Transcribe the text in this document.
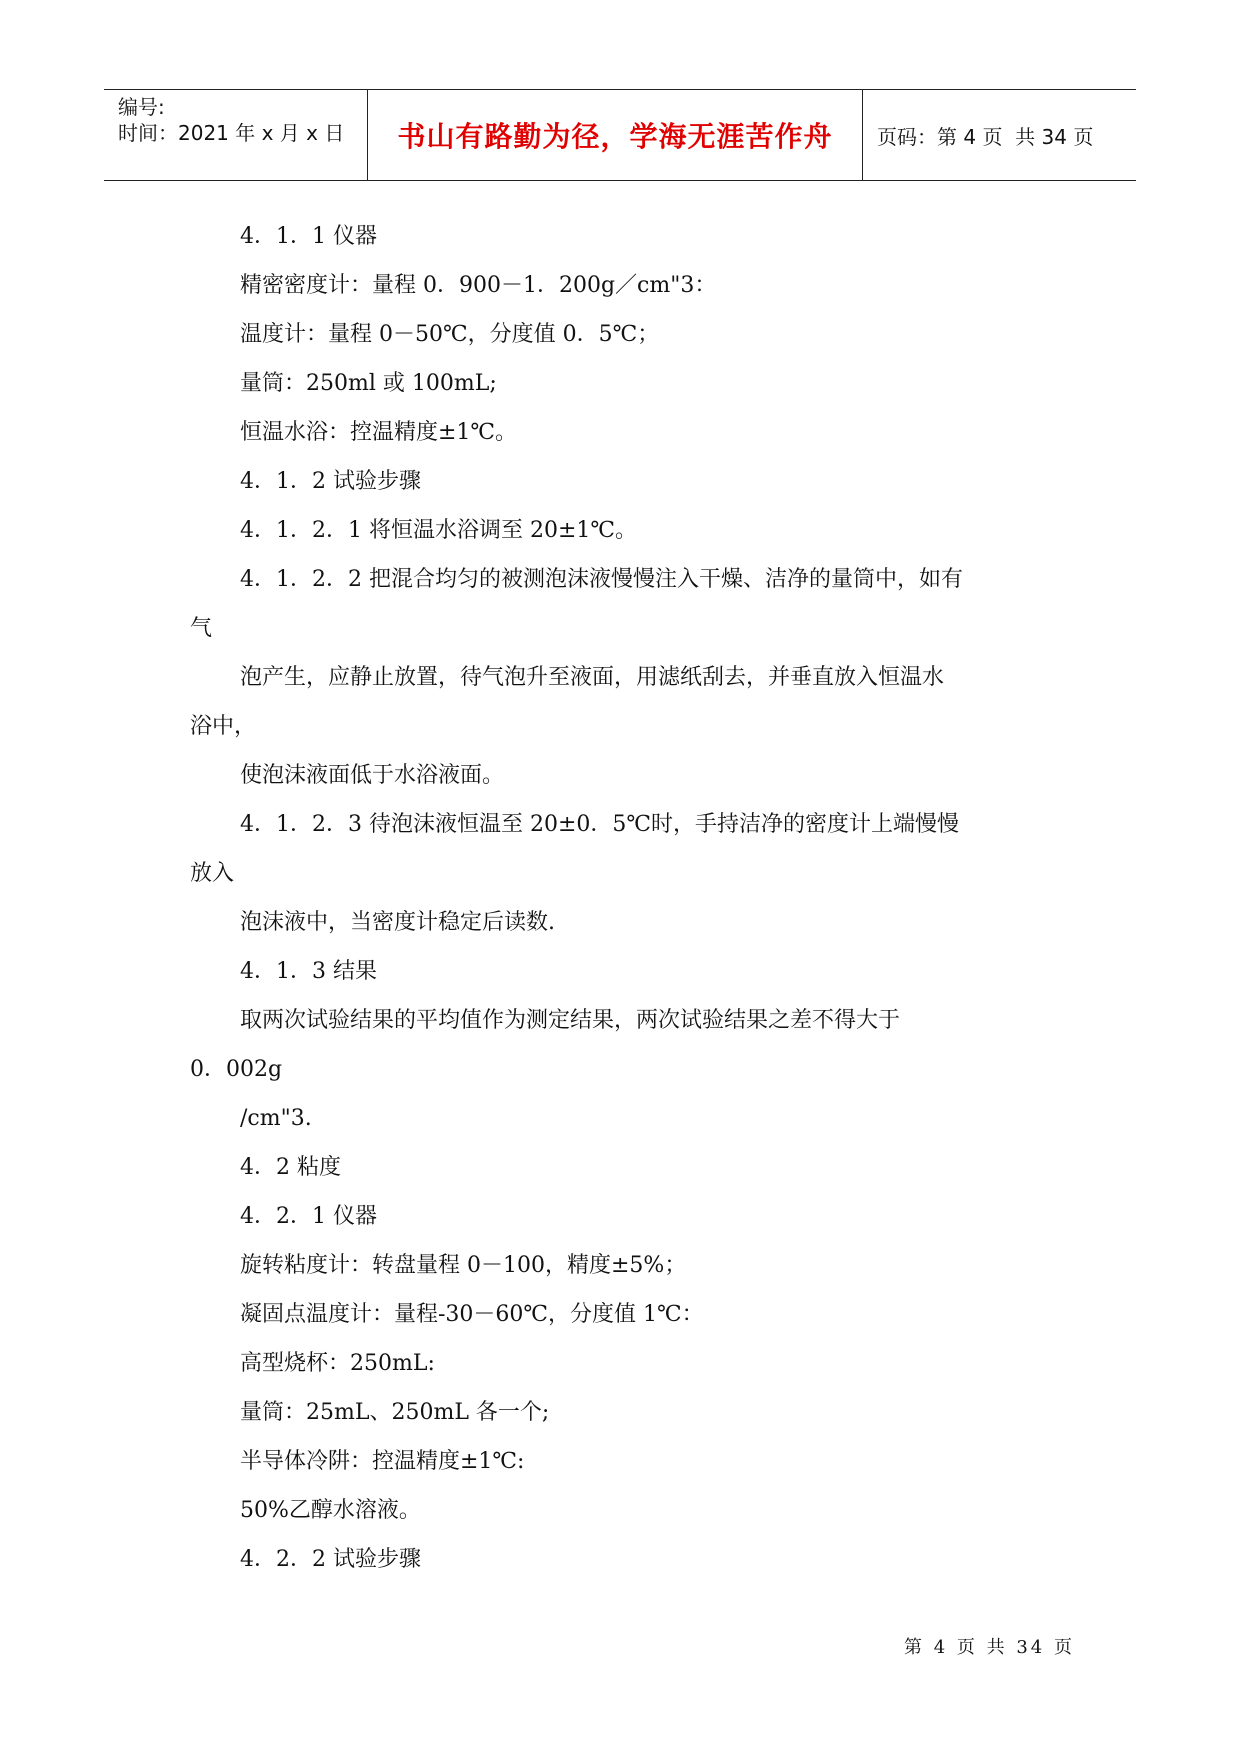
编号:
时间：2021 年 x 月 x 日	书山有路勤为径，学海无涯苦作舟	页码：第 4 页  共 34 页
4．1．1 仪器
精密密度计：量程 0．900－1．200g／cm"3：
温度计：量程 0－50℃，分度值 0．5℃；
量筒：250ml 或 100mL;
恒温水浴：控温精度±1℃。
4．1．2 试验步骤
4．1．2．1 将恒温水浴调至 20±1℃。
4．1．2．2 把混合均匀的被测泡沫液慢慢注入干燥、洁净的量筒中，如有
气
泡产生，应静止放置，待气泡升至液面，用滤纸刮去，并垂直放入恒温水
浴中，
使泡沫液面低于水浴液面。
4．1．2．3 待泡沫液恒温至 20±0．5℃时，手持洁净的密度计上端慢慢
放入
泡沫液中，当密度计稳定后读数.
4．1．3 结果
取两次试验结果的平均值作为测定结果，两次试验结果之差不得大于
0．002g
/cm"3.
4．2 粘度
4．2．1 仪器
旋转粘度计：转盘量程 0－100，精度±5%；
凝固点温度计：量程-30－60℃，分度值 1℃：
高型烧杯：250mL:
量筒：25mL、250mL 各一个;
半导体冷阱：控温精度±1℃:
50%乙醇水溶液。
4．2．2 试验步骤
第 4 页 共 34 页
